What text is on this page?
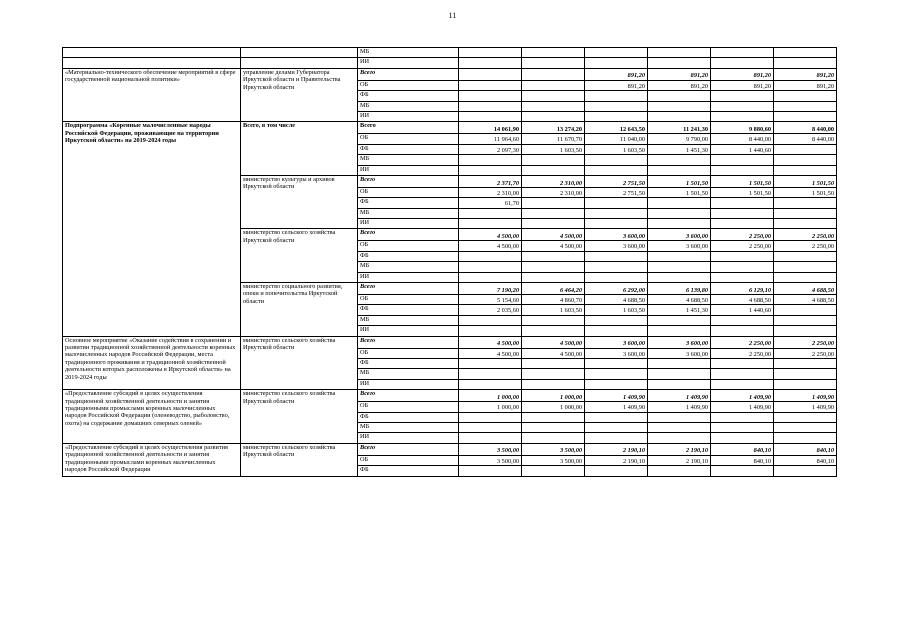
11
		МБ						
		ИИ						
«Материально-технического обеспечение мероприятий в сфере государственной национальной политики»	управление делами Губернатора Иркутской области и Правительства Иркутской области	Всего			891,20	891,20	891,20	891,20
		ОБ			891,20	891,20	891,20	891,20
		ФБ						
		МБ						
		ИИ						
Подпрограмма «Коренные малочисленные народы Российской Федерации, проживающие на территории Иркутской области» на 2019-2024 годы	Всего, в том числе	Всего	14 061,90	13 274,20	12 643,50	11 241,30	9 880,60	8 440,00
		ОБ	11 964,60	11 670,70	11 040,00	9 790,00	8 440,00	8 440,00
		ФБ	2 097,30	1 603,50	1 603,50	1 451,30	1 440,60	
		МБ						
		ИИ						
	министерство культуры и архивов Иркутской области	Всего	2 371,70	2 310,00	2 751,50	1 501,50	1 501,50	1 501,50
		ОБ	2 310,00	2 310,00	2 751,50	1 501,50	1 501,50	1 501,50
		ФБ	61,70					
		МБ						
		ИИ						
	министерство сельского хозяйства Иркутской области	Всего	4 500,00	4 500,00	3 600,00	3 600,00	2 250,00	2 250,00
		ОБ	4 500,00	4 500,00	3 600,00	3 600,00	2 250,00	2 250,00
		ФБ						
		МБ						
		ИИ						
	министерство социального развития, опеки и попечительства Иркутской области	Всего	7 190,20	6 464,20	6 292,00	6 139,80	6 129,10	4 688,50
		ОБ	5 154,60	4 860,70	4 688,50	4 688,50	4 688,50	4 688,50
		ФБ	2 035,60	1 603,50	1 603,50	1 451,30	1 440,60	
		МБ						
		ИИ						
Основное мероприятие «Оказание содействия в сохранении и развитии традиционной хозяйственной деятельности коренных малочисленных народов Российской Федерации, места традиционного проживания и традиционной хозяйственной деятельности которых расположены в Иркутской области» на 2019-2024 годы	министерство сельского хозяйства Иркутской области	Всего	4 500,00	4 500,00	3 600,00	3 600,00	2 250,00	2 250,00
		ОБ	4 500,00	4 500,00	3 600,00	3 600,00	2 250,00	2 250,00
		ФБ						
		МБ						
		ИИ						
«Предоставление субсидий в целях осуществления традиционной хозяйственной деятельности и занятия традиционными промыслами коренных малочисленных народов Российской Федерации (оленеводство, рыболовство, охота) на содержание домашних северных оленей»	министерство сельского хозяйства Иркутской области	Всего	1 000,00	1 000,00	1 409,90	1 409,90	1 409,90	1 409,90
		ОБ	1 000,00	1 000,00	1 409,90	1 409,90	1 409,90	1 409,90
		ФБ						
		МБ						
		ИИ						
«Предоставление субсидий в целях осуществления развития традиционной хозяйственной деятельности и занятия традиционными промыслами коренных малочисленных народов Российской Федерации	министерство сельского хозяйства Иркутской области	Всего	3 500,00	3 500,00	2 190,10	2 190,10	840,10	840,10
		ОБ	3 500,00	3 500,00	2 190,10	2 190,10	840,10	840,10
		ФБ						
